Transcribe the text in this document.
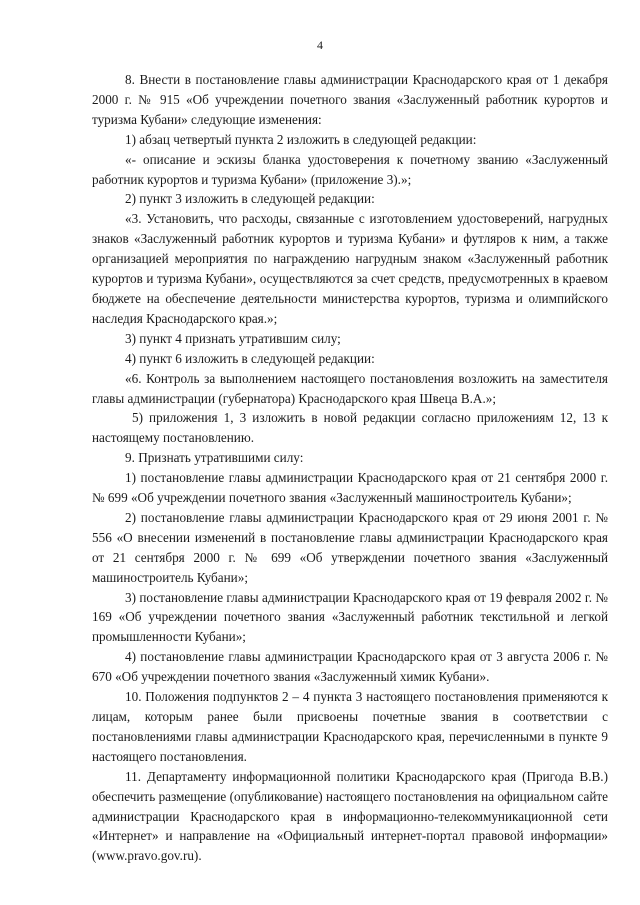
4

8. Внести в постановление главы администрации Краснодарского края от 1 декабря 2000 г. № 915 «Об учреждении почетного звания «Заслуженный работник курортов и туризма Кубани» следующие изменения:

1) абзац четвертый пункта 2 изложить в следующей редакции:

«- описание и эскизы бланка удостоверения к почетному званию «Заслуженный работник курортов и туризма Кубани» (приложение 3).»;

2) пункт 3 изложить в следующей редакции:

«3. Установить, что расходы, связанные с изготовлением удостоверений, нагрудных знаков «Заслуженный работник курортов и туризма Кубани» и футляров к ним, а также организацией мероприятия по награждению нагрудным знаком «Заслуженный работник курортов и туризма Кубани», осуществляются за счет средств, предусмотренных в краевом бюджете на обеспечение деятельности министерства курортов, туризма и олимпийского наследия Краснодарского края.»;

3) пункт 4 признать утратившим силу;

4) пункт 6 изложить в следующей редакции:

«6. Контроль за выполнением настоящего постановления возложить на заместителя главы администрации (губернатора) Краснодарского края Швеца В.А.»;

5) приложения 1, 3 изложить в новой редакции согласно приложениям 12, 13 к настоящему постановлению.

9. Признать утратившими силу:

1) постановление главы администрации Краснодарского края от 21 сентября 2000 г. № 699 «Об учреждении почетного звания «Заслуженный машиностроитель Кубани»;

2) постановление главы администрации Краснодарского края от 29 июня 2001 г. № 556 «О внесении изменений в постановление главы администрации Краснодарского края от 21 сентября 2000 г. № 699 «Об утверждении почетного звания «Заслуженный машиностроитель Кубани»;

3) постановление главы администрации Краснодарского края от 19 февраля 2002 г. № 169 «Об учреждении почетного звания «Заслуженный работник текстильной и легкой промышленности Кубани»;

4) постановление главы администрации Краснодарского края от 3 августа 2006 г. № 670 «Об учреждении почетного звания «Заслуженный химик Кубани».

10. Положения подпунктов 2 – 4 пункта 3 настоящего постановления применяются к лицам, которым ранее были присвоены почетные звания в соответствии с постановлениями главы администрации Краснодарского края, перечисленными в пункте 9 настоящего постановления.

11. Департаменту информационной политики Краснодарского края (Пригода В.В.) обеспечить размещение (опубликование) настоящего постановления на официальном сайте администрации Краснодарского края в информационно-телекоммуникационной сети «Интернет» и направление на «Официальный интернет-портал правовой информации» (www.pravo.gov.ru).
